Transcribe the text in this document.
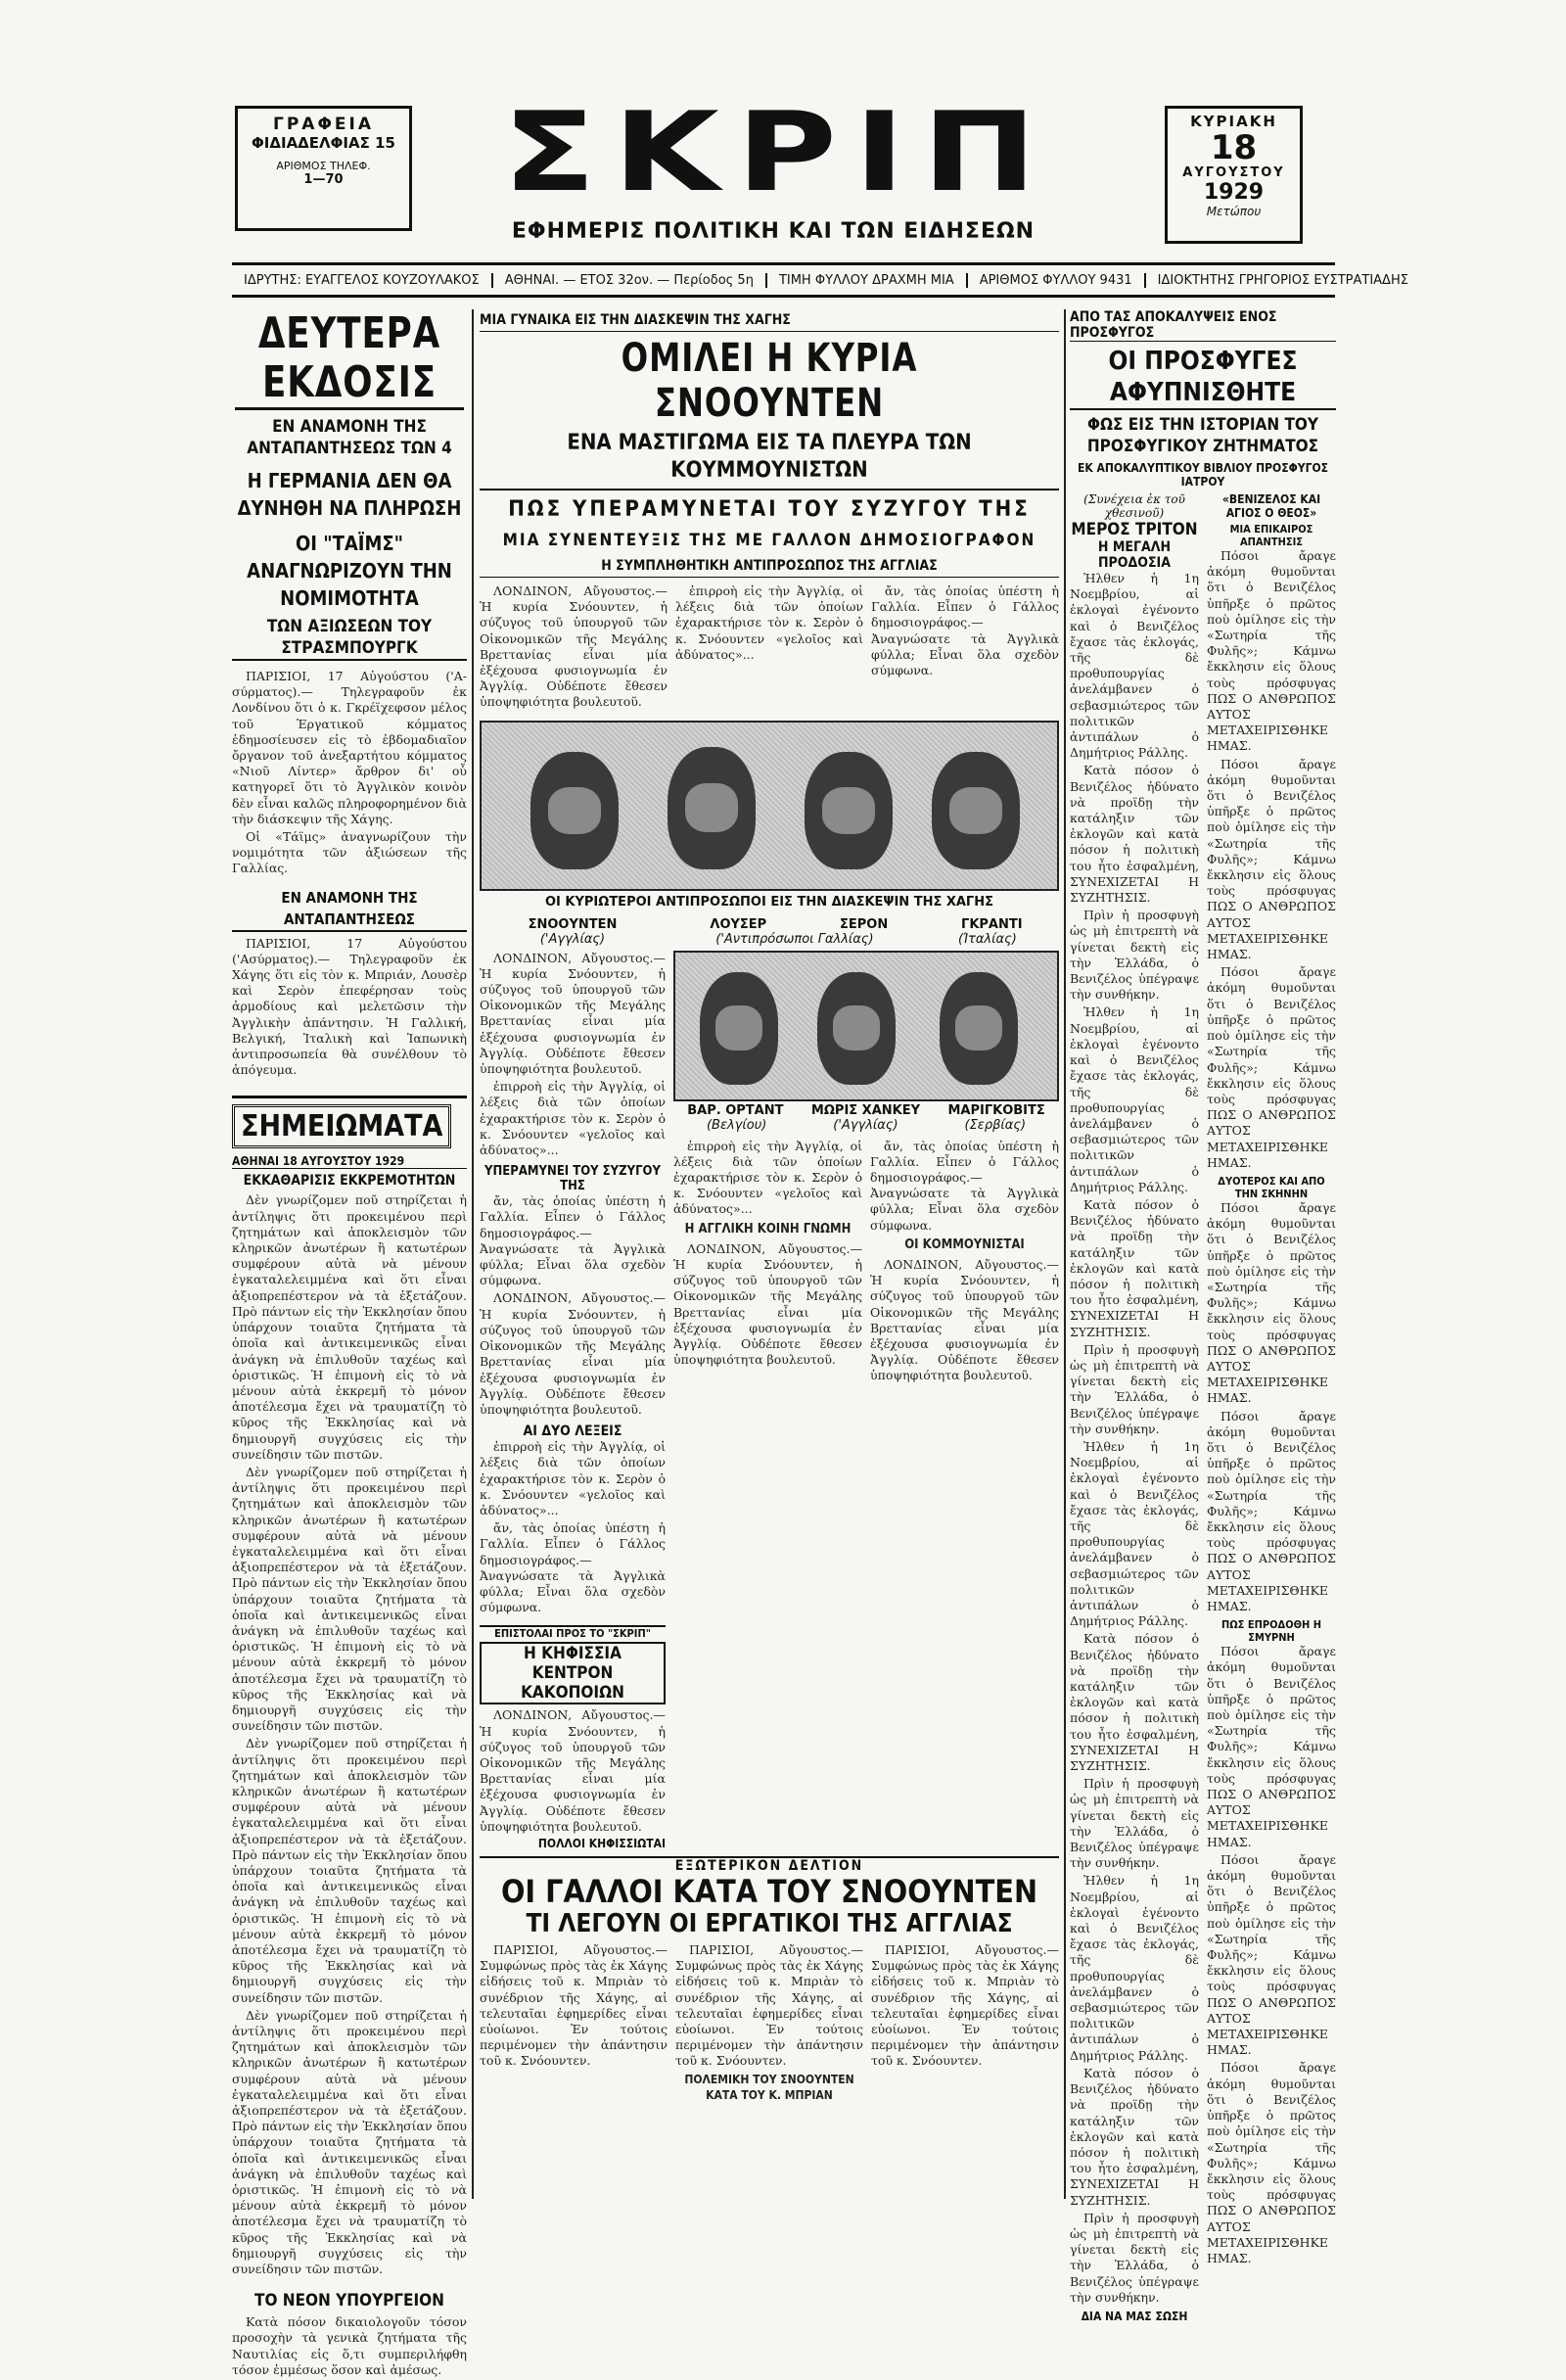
ΓΡΑΦΕΙΑ
ΦΙΔΙΑΔΕΛΦΙΑΣ 15
ΑΡΙΘΜΟΣ ΤΗΛΕΦ.
1—70	ΣΚΡΙΠ
ΕΦΗΜΕΡΙΣ ΠΟΛΙΤΙΚΗ ΚΑΙ ΤΩΝ ΕΙΔΗΣΕΩΝ
ΚΥΡΙΑΚΗ
18
ΑΥΓΟΥΣΤΟΥ
1929
Μετώπου
ΙΔΡΥΤΗΣ: ΕΥΑΓΓΕΛΟΣ ΚΟΥΖΟΥΛΑΚΟΣ	ΑΘΗΝΑΙ. — ΕΤΟΣ 32ον. — Περίοδος 5η	ΤΙΜΗ ΦΥΛΛΟΥ ΔΡΑΧΜΗ ΜΙΑ	ΑΡΙΘΜΟΣ ΦΥΛΛΟΥ 9431	ΙΔΙΟΚΤΗΤΗΣ ΓΡΗΓΟΡΙΟΣ ΕΥΣΤΡΑΤΙΑΔΗΣ
ΔΕΥΤΕΡΑ ΕΚΔΟΣΙΣ
ΕΝ ΑΝΑΜΟΝΗ ΤΗΣ ΑΝΤΑΠΑΝΤΗΣΕΩΣ ΤΩΝ 4
Η ΓΕΡΜΑΝΙΑ ΔΕΝ ΘΑ ΔΥΝΗΘΗ ΝΑ ΠΛΗΡΩΣΗ
ΟΙ "ΤΑΪΜΣ" ΑΝΑΓΝΩΡΙΖΟΥΝ ΤΗΝ ΝΟΜΙΜΟΤΗΤΑ
ΤΩΝ ΑΞΙΩΣΕΩΝ ΤΟΥ ΣΤΡΑΣΜΠΟΥΡΓΚ

ΠΑΡΙΣΙΟΙ, 17 Αὐγούστου ('Α-σύρματος).— Τηλεγραφοῦν ἐκ Λονδίνου ὅτι ὁ κ. Γκρέϊχεφσον μέλος τοῦ Ἐργατικοῦ κόμματος ἐδημοσίευσεν εἰς τὸ ἐβδομαδιαῖον ὄργανον τοῦ ἀνεξαρτήτου κόμματος «Νιοῦ Λίντερ» ἄρθρον δι' οὗ κατηγορεῖ ὅτι τὸ Ἀγγλικὸν κοινὸν δὲν εἶναι καλῶς πληροφορημένον διὰ τὴν διάσκεψιν τῆς Χάγης.

Οἱ «Τάϊμς» ἀναγνωρίζουν τὴν νομιμότητα τῶν ἀξιώσεων τῆς Γαλλίας.

ΕΝ ΑΝΑΜΟΝΗ ΤΗΣ ΑΝΤΑΠΑΝΤΗΣΕΩΣ

ΠΑΡΙΣΙΟΙ, 17 Αὐγούστου ('Ασύρματος).— Τηλεγραφοῦν ἐκ Χάγης ὅτι εἰς τὸν κ. Μπριάν, Λουσὲρ καὶ Σερὸν ἐπεφέρησαν τοὺς ἁρμοδίους καὶ μελετῶσιν τὴν Ἀγγλικὴν ἀπάντησιν. Ἡ Γαλλική, Βελγική, Ἰταλικὴ καὶ Ἰαπωνικὴ ἀντιπροσωπεία θὰ συνέλθουν τὸ ἀπόγευμα.

ΣΗΜΕΙΩΜΑΤΑ
ΑΘΗΝΑΙ 18 ΑΥΓΟΥΣΤΟΥ 1929
ΕΚΚΑΘΑΡΙΣΙΣ ΕΚΚΡΕΜΟΤΗΤΩΝ

Δὲν γνωρίζομεν ποῦ στηρίζεται ἡ ἀντίληψις ὅτι προκειμένου περὶ ζητημάτων καὶ ἀποκλεισμὸν τῶν κληρικῶν ἀνωτέρων ἢ κατωτέρων συμφέρουν αὐτὰ νὰ μένουν ἐγκαταλελειμμένα καὶ ὅτι εἶναι ἀξιοπρεπέστερον νὰ τὰ ἐξετάζουν. Πρὸ πάντων εἰς τὴν Ἐκκλησίαν ὅπου ὑπάρχουν τοιαῦτα ζητήματα τὰ ὁποῖα καὶ ἀντικειμενικῶς εἶναι ἀνάγκη νὰ ἐπιλυθοῦν ταχέως καὶ ὁριστικῶς. Ἡ ἐπιμονὴ εἰς τὸ νὰ μένουν αὐτὰ ἐκκρεμῆ τὸ μόνον ἀποτέλεσμα ἔχει νὰ τραυματίζη τὸ κῦρος τῆς Ἐκκλησίας καὶ νὰ δημιουργῆ συγχύσεις εἰς τὴν συνείδησιν τῶν πιστῶν.

Δὲν γνωρίζομεν ποῦ στηρίζεται ἡ ἀντίληψις ὅτι προκειμένου περὶ ζητημάτων καὶ ἀποκλεισμὸν τῶν κληρικῶν ἀνωτέρων ἢ κατωτέρων συμφέρουν αὐτὰ νὰ μένουν ἐγκαταλελειμμένα καὶ ὅτι εἶναι ἀξιοπρεπέστερον νὰ τὰ ἐξετάζουν. Πρὸ πάντων εἰς τὴν Ἐκκλησίαν ὅπου ὑπάρχουν τοιαῦτα ζητήματα τὰ ὁποῖα καὶ ἀντικειμενικῶς εἶναι ἀνάγκη νὰ ἐπιλυθοῦν ταχέως καὶ ὁριστικῶς. Ἡ ἐπιμονὴ εἰς τὸ νὰ μένουν αὐτὰ ἐκκρεμῆ τὸ μόνον ἀποτέλεσμα ἔχει νὰ τραυματίζη τὸ κῦρος τῆς Ἐκκλησίας καὶ νὰ δημιουργῆ συγχύσεις εἰς τὴν συνείδησιν τῶν πιστῶν.

Δὲν γνωρίζομεν ποῦ στηρίζεται ἡ ἀντίληψις ὅτι προκειμένου περὶ ζητημάτων καὶ ἀποκλεισμὸν τῶν κληρικῶν ἀνωτέρων ἢ κατωτέρων συμφέρουν αὐτὰ νὰ μένουν ἐγκαταλελειμμένα καὶ ὅτι εἶναι ἀξιοπρεπέστερον νὰ τὰ ἐξετάζουν. Πρὸ πάντων εἰς τὴν Ἐκκλησίαν ὅπου ὑπάρχουν τοιαῦτα ζητήματα τὰ ὁποῖα καὶ ἀντικειμενικῶς εἶναι ἀνάγκη νὰ ἐπιλυθοῦν ταχέως καὶ ὁριστικῶς. Ἡ ἐπιμονὴ εἰς τὸ νὰ μένουν αὐτὰ ἐκκρεμῆ τὸ μόνον ἀποτέλεσμα ἔχει νὰ τραυματίζη τὸ κῦρος τῆς Ἐκκλησίας καὶ νὰ δημιουργῆ συγχύσεις εἰς τὴν συνείδησιν τῶν πιστῶν.

Δὲν γνωρίζομεν ποῦ στηρίζεται ἡ ἀντίληψις ὅτι προκειμένου περὶ ζητημάτων καὶ ἀποκλεισμὸν τῶν κληρικῶν ἀνωτέρων ἢ κατωτέρων συμφέρουν αὐτὰ νὰ μένουν ἐγκαταλελειμμένα καὶ ὅτι εἶναι ἀξιοπρεπέστερον νὰ τὰ ἐξετάζουν. Πρὸ πάντων εἰς τὴν Ἐκκλησίαν ὅπου ὑπάρχουν τοιαῦτα ζητήματα τὰ ὁποῖα καὶ ἀντικειμενικῶς εἶναι ἀνάγκη νὰ ἐπιλυθοῦν ταχέως καὶ ὁριστικῶς. Ἡ ἐπιμονὴ εἰς τὸ νὰ μένουν αὐτὰ ἐκκρεμῆ τὸ μόνον ἀποτέλεσμα ἔχει νὰ τραυματίζη τὸ κῦρος τῆς Ἐκκλησίας καὶ νὰ δημιουργῆ συγχύσεις εἰς τὴν συνείδησιν τῶν πιστῶν.

ΤΟ ΝΕΟΝ ΥΠΟΥΡΓΕΙΟΝ

Κατὰ πόσον δικαιολογοῦν τόσον προσοχὴν τὰ γενικὰ ζητήματα τῆς Ναυτιλίας εἰς ὅ,τι συμπεριλήφθη τόσον ἐμμέσως ὅσον καὶ ἀμέσως.

ΜΙΑ ΓΥΝΑΙΚΑ ΕΙΣ ΤΗΝ ΔΙΑΣΚΕΨΙΝ ΤΗΣ ΧΑΓΗΣ
ΟΜΙΛΕΙ Η ΚΥΡΙΑ ΣΝΟΟΥΝΤΕΝ
ΕΝΑ ΜΑΣΤΙΓΩΜΑ ΕΙΣ ΤΑ ΠΛΕΥΡΑ ΤΩΝ ΚΟΥΜΜΟΥΝΙΣΤΩΝ
ΠΩΣ ΥΠΕΡΑΜΥΝΕΤΑΙ ΤΟΥ ΣΥΖΥΓΟΥ ΤΗΣ
ΜΙΑ ΣΥΝΕΝΤΕΥΞΙΣ ΤΗΣ ΜΕ ΓΑΛΛΟΝ ΔΗΜΟΣΙΟΓΡΑΦΟΝ
Η ΣΥΜΠΛΗΘΗΤΙΚΗ ΑΝΤΙΠΡΟΣΩΠΟΣ ΤΗΣ ΑΓΓΛΙΑΣ

ΛΟΝΔΙΝΟΝ, Αὔγουστος.— Ἡ κυρία Σνόουντεν, ἡ σύζυγος τοῦ ὑπουργοῦ τῶν Οἰκονομικῶν τῆς Μεγάλης Βρεττανίας εἶναι μία ἐξέχουσα φυσιογνωμία ἐν Ἀγγλίᾳ. Οὐδέποτε ἔθεσεν ὑποψηφιότητα βουλευτοῦ.

ἐπιρροὴ εἰς τὴν Ἀγγλίᾳ, οἱ λέξεις διὰ τῶν ὁποίων ἐχαρακτήρισε τὸν κ. Σερὸν ὁ κ. Σνόουντεν «γελοῖος καὶ ἀδύνατος»...

ἄν, τὰς ὁποίας ὑπέστη ἡ Γαλλία. Εἶπεν ὁ Γάλλος δημοσιογράφος.— Ἀναγνώσατε τὰ Ἀγγλικὰ φύλλα; Εἶναι ὅλα σχεδὸν σύμφωνα.

ΟΙ ΚΥΡΙΩΤΕΡΟΙ ΑΝΤΙΠΡΟΣΩΠΟΙ ΕΙΣ ΤΗΝ ΔΙΑΣΚΕΨΙΝ ΤΗΣ ΧΑΓΗΣ
ΣΝΟΟΥΝΤΕΝ
('Αγγλίας)

ΛΟΝΔΙΝΟΝ, Αὔγουστος.— Ἡ κυρία Σνόουντεν, ἡ σύζυγος τοῦ ὑπουργοῦ τῶν Οἰκονομικῶν τῆς Μεγάλης Βρεττανίας εἶναι μία ἐξέχουσα φυσιογνωμία ἐν Ἀγγλίᾳ. Οὐδέποτε ἔθεσεν ὑποψηφιότητα βουλευτοῦ.

ἐπιρροὴ εἰς τὴν Ἀγγλίᾳ, οἱ λέξεις διὰ τῶν ὁποίων ἐχαρακτήρισε τὸν κ. Σερὸν ὁ κ. Σνόουντεν «γελοῖος καὶ ἀδύνατος»...

ΥΠΕΡΑΜΥΝΕΙ ΤΟΥ ΣΥΖΥΓΟΥ ΤΗΣ

ἄν, τὰς ὁποίας ὑπέστη ἡ Γαλλία. Εἶπεν ὁ Γάλλος δημοσιογράφος.— Ἀναγνώσατε τὰ Ἀγγλικὰ φύλλα; Εἶναι ὅλα σχεδὸν σύμφωνα.

ΛΟΝΔΙΝΟΝ, Αὔγουστος.— Ἡ κυρία Σνόουντεν, ἡ σύζυγος τοῦ ὑπουργοῦ τῶν Οἰκονομικῶν τῆς Μεγάλης Βρεττανίας εἶναι μία ἐξέχουσα φυσιογνωμία ἐν Ἀγγλίᾳ. Οὐδέποτε ἔθεσεν ὑποψηφιότητα βουλευτοῦ.

ΑΙ ΔΥΟ ΛΕΞΕΙΣ

ἐπιρροὴ εἰς τὴν Ἀγγλίᾳ, οἱ λέξεις διὰ τῶν ὁποίων ἐχαρακτήρισε τὸν κ. Σερὸν ὁ κ. Σνόουντεν «γελοῖος καὶ ἀδύνατος»...

ἄν, τὰς ὁποίας ὑπέστη ἡ Γαλλία. Εἶπεν ὁ Γάλλος δημοσιογράφος.— Ἀναγνώσατε τὰ Ἀγγλικὰ φύλλα; Εἶναι ὅλα σχεδὸν σύμφωνα.

ΛΟΥΣΕΡ	ΣΕΡΟΝ	ΓΚΡΑΝΤΙ
('Αντιπρόσωποι Γαλλίας)	(Ἰταλίας)
ΒΑΡ. ΟΡΤΑΝΤ ΜΩΡΙΣ ΧΑΝΚΕΥ ΜΑΡΙΓΚΟΒΙΤΣ
(Βελγίου)	('Αγγλίας)	(Σερβίας)

ἐπιρροὴ εἰς τὴν Ἀγγλίᾳ, οἱ λέξεις διὰ τῶν ὁποίων ἐχαρακτήρισε τὸν κ. Σερὸν ὁ κ. Σνόουντεν «γελοῖος καὶ ἀδύνατος»...

Η ΑΓΓΛΙΚΗ ΚΟΙΝΗ ΓΝΩΜΗ

ΛΟΝΔΙΝΟΝ, Αὔγουστος.— Ἡ κυρία Σνόουντεν, ἡ σύζυγος τοῦ ὑπουργοῦ τῶν Οἰκονομικῶν τῆς Μεγάλης Βρεττανίας εἶναι μία ἐξέχουσα φυσιογνωμία ἐν Ἀγγλίᾳ. Οὐδέποτε ἔθεσεν ὑποψηφιότητα βουλευτοῦ.

ἄν, τὰς ὁποίας ὑπέστη ἡ Γαλλία. Εἶπεν ὁ Γάλλος δημοσιογράφος.— Ἀναγνώσατε τὰ Ἀγγλικὰ φύλλα; Εἶναι ὅλα σχεδὸν σύμφωνα.

ΟΙ ΚΟΜΜΟΥΝΙΣΤΑΙ

ΛΟΝΔΙΝΟΝ, Αὔγουστος.— Ἡ κυρία Σνόουντεν, ἡ σύζυγος τοῦ ὑπουργοῦ τῶν Οἰκονομικῶν τῆς Μεγάλης Βρεττανίας εἶναι μία ἐξέχουσα φυσιογνωμία ἐν Ἀγγλίᾳ. Οὐδέποτε ἔθεσεν ὑποψηφιότητα βουλευτοῦ.

ΕΠΙΣΤΟΛΑΙ ΠΡΟΣ ΤΟ "ΣΚΡΙΠ"
Η ΚΗΦΙΣΣΙΑ ΚΕΝΤΡΟΝ ΚΑΚΟΠΟΙΩΝ

ΛΟΝΔΙΝΟΝ, Αὔγουστος.— Ἡ κυρία Σνόουντεν, ἡ σύζυγος τοῦ ὑπουργοῦ τῶν Οἰκονομικῶν τῆς Μεγάλης Βρεττανίας εἶναι μία ἐξέχουσα φυσιογνωμία ἐν Ἀγγλίᾳ. Οὐδέποτε ἔθεσεν ὑποψηφιότητα βουλευτοῦ.

ΠΟΛΛΟΙ ΚΗΦΙΣΣΙΩΤΑΙ
ΕΞΩΤΕΡΙΚΟΝ ΔΕΛΤΙΟΝ
ΟΙ ΓΑΛΛΟΙ ΚΑΤΑ ΤΟΥ ΣΝΟΟΥΝΤΕΝ
ΤΙ ΛΕΓΟΥΝ ΟΙ ΕΡΓΑΤΙΚΟΙ ΤΗΣ ΑΓΓΛΙΑΣ

ΠΑΡΙΣΙΟΙ, Αὔγουστος.— Συμφώνως πρὸς τὰς ἐκ Χάγης εἰδήσεις τοῦ κ. Μπριὰν τὸ συνέδριον τῆς Χάγης, αἱ τελευταῖαι ἐφημερίδες εἶναι εὐοίωνοι. Ἐν τούτοις περιμένομεν τὴν ἀπάντησιν τοῦ κ. Σνόουντεν.

ΠΑΡΙΣΙΟΙ, Αὔγουστος.— Συμφώνως πρὸς τὰς ἐκ Χάγης εἰδήσεις τοῦ κ. Μπριὰν τὸ συνέδριον τῆς Χάγης, αἱ τελευταῖαι ἐφημερίδες εἶναι εὐοίωνοι. Ἐν τούτοις περιμένομεν τὴν ἀπάντησιν τοῦ κ. Σνόουντεν.

ΠΟΛΕΜΙΚΗ ΤΟΥ ΣΝΟΟΥΝΤΕΝ ΚΑΤΑ ΤΟΥ Κ. ΜΠΡΙΑΝ

ΠΑΡΙΣΙΟΙ, Αὔγουστος.— Συμφώνως πρὸς τὰς ἐκ Χάγης εἰδήσεις τοῦ κ. Μπριὰν τὸ συνέδριον τῆς Χάγης, αἱ τελευταῖαι ἐφημερίδες εἶναι εὐοίωνοι. Ἐν τούτοις περιμένομεν τὴν ἀπάντησιν τοῦ κ. Σνόουντεν.

ΑΠΟ ΤΑΣ ΑΠΟΚΑΛΥΨΕΙΣ ΕΝΟΣ ΠΡΟΣΦΥΓΟΣ
ΟΙ ΠΡΟΣΦΥΓΕΣ ΑΦΥΠΝΙΣΘΗΤΕ
ΦΩΣ ΕΙΣ ΤΗΝ ΙΣΤΟΡΙΑΝ ΤΟΥ ΠΡΟΣΦΥΓΙΚΟΥ ΖΗΤΗΜΑΤΟΣ
ΕΚ ΑΠΟΚΑΛΥΠΤΙΚΟΥ ΒΙΒΛΙΟΥ ΠΡΟΣΦΥΓΟΣ ΙΑΤΡΟΥ
(Συνέχεια ἐκ τοῦ χθεσινοῦ)
ΜΕΡΟΣ ΤΡΙΤΟΝ
Η ΜΕΓΑΛΗ ΠΡΟΔΟΣΙΑ

Ἠλθεν ἡ 1η Νοεμβρίου, αἱ ἐκλογαὶ ἐγένοντο καὶ ὁ Βενιζέλος ἔχασε τὰς ἐκλογάς, τῆς δὲ προθυπουργίας ἀνελάμβανεν ὁ σεβασμιώτερος τῶν πολιτικῶν ἀντιπάλων ὁ Δημήτριος Ράλλης.

Κατὰ πόσον ὁ Βενιζέλος ἠδύνατο νὰ προϊδῃ τὴν κατάληξιν τῶν ἐκλογῶν καὶ κατὰ πόσον ἡ πολιτικὴ του ἦτο ἐσφαλμένη, ΣΥΝΕΧΙΖΕΤΑΙ Η ΣΥΖΗΤΗΣΙΣ.

Πρὶν ἡ προσφυγὴ ὡς μὴ ἐπιτρεπτὴ νὰ γίνεται δεκτὴ εἰς τὴν Ἑλλάδα, ὁ Βενιζέλος ὑπέγραψε τὴν συνθήκην.

Ἠλθεν ἡ 1η Νοεμβρίου, αἱ ἐκλογαὶ ἐγένοντο καὶ ὁ Βενιζέλος ἔχασε τὰς ἐκλογάς, τῆς δὲ προθυπουργίας ἀνελάμβανεν ὁ σεβασμιώτερος τῶν πολιτικῶν ἀντιπάλων ὁ Δημήτριος Ράλλης.

Κατὰ πόσον ὁ Βενιζέλος ἠδύνατο νὰ προϊδῃ τὴν κατάληξιν τῶν ἐκλογῶν καὶ κατὰ πόσον ἡ πολιτικὴ του ἦτο ἐσφαλμένη, ΣΥΝΕΧΙΖΕΤΑΙ Η ΣΥΖΗΤΗΣΙΣ.

Πρὶν ἡ προσφυγὴ ὡς μὴ ἐπιτρεπτὴ νὰ γίνεται δεκτὴ εἰς τὴν Ἑλλάδα, ὁ Βενιζέλος ὑπέγραψε τὴν συνθήκην.

Ἠλθεν ἡ 1η Νοεμβρίου, αἱ ἐκλογαὶ ἐγένοντο καὶ ὁ Βενιζέλος ἔχασε τὰς ἐκλογάς, τῆς δὲ προθυπουργίας ἀνελάμβανεν ὁ σεβασμιώτερος τῶν πολιτικῶν ἀντιπάλων ὁ Δημήτριος Ράλλης.

Κατὰ πόσον ὁ Βενιζέλος ἠδύνατο νὰ προϊδῃ τὴν κατάληξιν τῶν ἐκλογῶν καὶ κατὰ πόσον ἡ πολιτικὴ του ἦτο ἐσφαλμένη, ΣΥΝΕΧΙΖΕΤΑΙ Η ΣΥΖΗΤΗΣΙΣ.

Πρὶν ἡ προσφυγὴ ὡς μὴ ἐπιτρεπτὴ νὰ γίνεται δεκτὴ εἰς τὴν Ἑλλάδα, ὁ Βενιζέλος ὑπέγραψε τὴν συνθήκην.

Ἠλθεν ἡ 1η Νοεμβρίου, αἱ ἐκλογαὶ ἐγένοντο καὶ ὁ Βενιζέλος ἔχασε τὰς ἐκλογάς, τῆς δὲ προθυπουργίας ἀνελάμβανεν ὁ σεβασμιώτερος τῶν πολιτικῶν ἀντιπάλων ὁ Δημήτριος Ράλλης.

Κατὰ πόσον ὁ Βενιζέλος ἠδύνατο νὰ προϊδῃ τὴν κατάληξιν τῶν ἐκλογῶν καὶ κατὰ πόσον ἡ πολιτικὴ του ἦτο ἐσφαλμένη, ΣΥΝΕΧΙΖΕΤΑΙ Η ΣΥΖΗΤΗΣΙΣ.

Πρὶν ἡ προσφυγὴ ὡς μὴ ἐπιτρεπτὴ νὰ γίνεται δεκτὴ εἰς τὴν Ἑλλάδα, ὁ Βενιζέλος ὑπέγραψε τὴν συνθήκην.

ΔΙΑ ΝΑ ΜΑΣ ΣΩΣΗ
«ΒΕΝΙΖΕΛΟΣ ΚΑΙ ΑΓΙΟΣ Ο ΘΕΟΣ»
ΜΙΑ ΕΠΙΚΑΙΡΟΣ ΑΠΑΝΤΗΣΙΣ

Πόσοι ἄραγε ἀκόμη θυμοῦνται ὅτι ὁ Βενιζέλος ὑπῆρξε ὁ πρῶτος ποὺ ὁμίλησε εἰς τὴν «Σωτηρία τῆς Φυλῆς»; Κάμνω ἔκκλησιν εἰς ὅλους τοὺς πρόσφυγας ΠΩΣ Ο ΑΝΘΡΩΠΟΣ ΑΥΤΟΣ ΜΕΤΑΧΕΙΡΙΣΘΗΚΕ ΗΜΑΣ.

Πόσοι ἄραγε ἀκόμη θυμοῦνται ὅτι ὁ Βενιζέλος ὑπῆρξε ὁ πρῶτος ποὺ ὁμίλησε εἰς τὴν «Σωτηρία τῆς Φυλῆς»; Κάμνω ἔκκλησιν εἰς ὅλους τοὺς πρόσφυγας ΠΩΣ Ο ΑΝΘΡΩΠΟΣ ΑΥΤΟΣ ΜΕΤΑΧΕΙΡΙΣΘΗΚΕ ΗΜΑΣ.

Πόσοι ἄραγε ἀκόμη θυμοῦνται ὅτι ὁ Βενιζέλος ὑπῆρξε ὁ πρῶτος ποὺ ὁμίλησε εἰς τὴν «Σωτηρία τῆς Φυλῆς»; Κάμνω ἔκκλησιν εἰς ὅλους τοὺς πρόσφυγας ΠΩΣ Ο ΑΝΘΡΩΠΟΣ ΑΥΤΟΣ ΜΕΤΑΧΕΙΡΙΣΘΗΚΕ ΗΜΑΣ.

ΔΥΟΤΕΡΟΣ ΚΑΙ ΑΠΟ ΤΗΝ ΣΚΗΝΗΝ

Πόσοι ἄραγε ἀκόμη θυμοῦνται ὅτι ὁ Βενιζέλος ὑπῆρξε ὁ πρῶτος ποὺ ὁμίλησε εἰς τὴν «Σωτηρία τῆς Φυλῆς»; Κάμνω ἔκκλησιν εἰς ὅλους τοὺς πρόσφυγας ΠΩΣ Ο ΑΝΘΡΩΠΟΣ ΑΥΤΟΣ ΜΕΤΑΧΕΙΡΙΣΘΗΚΕ ΗΜΑΣ.

Πόσοι ἄραγε ἀκόμη θυμοῦνται ὅτι ὁ Βενιζέλος ὑπῆρξε ὁ πρῶτος ποὺ ὁμίλησε εἰς τὴν «Σωτηρία τῆς Φυλῆς»; Κάμνω ἔκκλησιν εἰς ὅλους τοὺς πρόσφυγας ΠΩΣ Ο ΑΝΘΡΩΠΟΣ ΑΥΤΟΣ ΜΕΤΑΧΕΙΡΙΣΘΗΚΕ ΗΜΑΣ.

ΠΩΣ ΕΠΡΟΔΟΘΗ Η ΣΜΥΡΝΗ

Πόσοι ἄραγε ἀκόμη θυμοῦνται ὅτι ὁ Βενιζέλος ὑπῆρξε ὁ πρῶτος ποὺ ὁμίλησε εἰς τὴν «Σωτηρία τῆς Φυλῆς»; Κάμνω ἔκκλησιν εἰς ὅλους τοὺς πρόσφυγας ΠΩΣ Ο ΑΝΘΡΩΠΟΣ ΑΥΤΟΣ ΜΕΤΑΧΕΙΡΙΣΘΗΚΕ ΗΜΑΣ.

Πόσοι ἄραγε ἀκόμη θυμοῦνται ὅτι ὁ Βενιζέλος ὑπῆρξε ὁ πρῶτος ποὺ ὁμίλησε εἰς τὴν «Σωτηρία τῆς Φυλῆς»; Κάμνω ἔκκλησιν εἰς ὅλους τοὺς πρόσφυγας ΠΩΣ Ο ΑΝΘΡΩΠΟΣ ΑΥΤΟΣ ΜΕΤΑΧΕΙΡΙΣΘΗΚΕ ΗΜΑΣ.

Πόσοι ἄραγε ἀκόμη θυμοῦνται ὅτι ὁ Βενιζέλος ὑπῆρξε ὁ πρῶτος ποὺ ὁμίλησε εἰς τὴν «Σωτηρία τῆς Φυλῆς»; Κάμνω ἔκκλησιν εἰς ὅλους τοὺς πρόσφυγας ΠΩΣ Ο ΑΝΘΡΩΠΟΣ ΑΥΤΟΣ ΜΕΤΑΧΕΙΡΙΣΘΗΚΕ ΗΜΑΣ.
